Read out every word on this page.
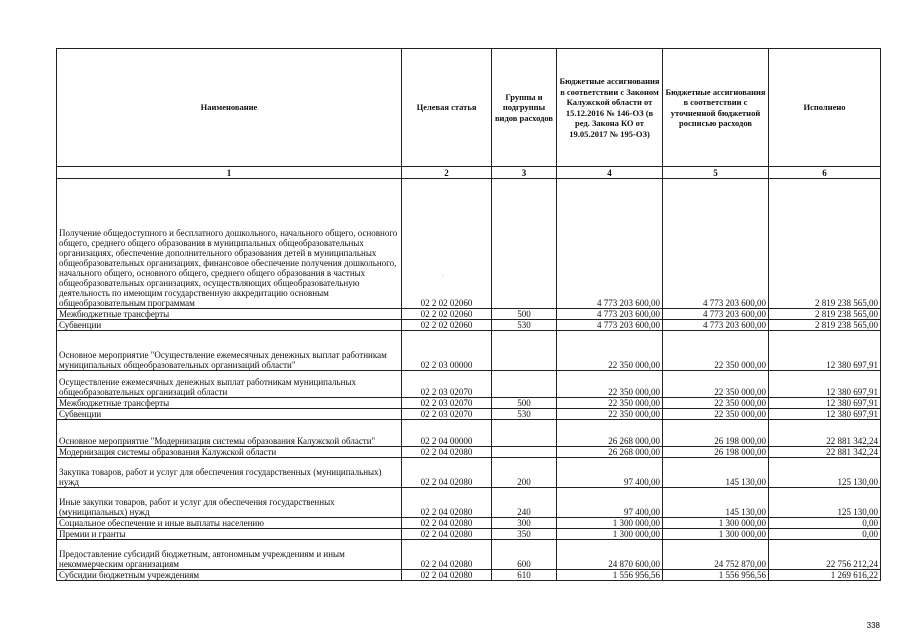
Наименование	Целевая статья	Группы и подгруппы видов расходов	Бюджетные ассигнования в соответствии с Законом Калужской области от 15.12.2016 № 146-ОЗ (в ред. Закона КО от 19.05.2017 № 195-ОЗ)	Бюджетные ассигнования в соответствии с уточненной бюджетной росписью расходов	Исполнено
1	2	3	4	5	6
Получение общедоступного и бесплатного дошкольного, начального общего, основного общего, среднего общего образования в муниципальных общеобразовательных организациях, обеспечение дополнительного образования детей в муниципальных общеобразовательных организациях, финансовое обеспечение получения дошкольного, начального общего, основного общего, среднего общего образования в частных общеобразовательных организациях, осуществляющих общеобразовательную деятельность по имеющим государственную аккредитацию основным общеобразовательным программам	02 2 02 02060		4 773 203 600,00	4 773 203 600,00	2 819 238 565,00
Межбюджетные трансферты	02 2 02 02060	500	4 773 203 600,00	4 773 203 600,00	2 819 238 565,00
Субвенции	02 2 02 02060	530	4 773 203 600,00	4 773 203 600,00	2 819 238 565,00
Основное мероприятие "Осуществление ежемесячных денежных выплат работникам муниципальных общеобразовательных организаций области"	02 2 03 00000		22 350 000,00	22 350 000,00	12 380 697,91
Осуществление ежемесячных денежных выплат работникам муниципальных общеобразовательных организаций области	02 2 03 02070		22 350 000,00	22 350 000,00	12 380 697,91
Межбюджетные трансферты	02 2 03 02070	500	22 350 000,00	22 350 000,00	12 380 697,91
Субвенции	02 2 03 02070	530	22 350 000,00	22 350 000,00	12 380 697,91
Основное мероприятие "Модернизация системы образования Калужской области"	02 2 04 00000		26 268 000,00	26 198 000,00	22 881 342,24
Модернизация системы образования Калужской области	02 2 04 02080		26 268 000,00	26 198 000,00	22 881 342,24
Закупка товаров, работ и услуг для обеспечения государственных (муниципальных) нужд	02 2 04 02080	200	97 400,00	145 130,00	125 130,00
Иные закупки товаров, работ и услуг для обеспечения государственных (муниципальных) нужд	02 2 04 02080	240	97 400,00	145 130,00	125 130,00
Социальное обеспечение и иные выплаты населению	02 2 04 02080	300	1 300 000,00	1 300 000,00	0,00
Премии и гранты	02 2 04 02080	350	1 300 000,00	1 300 000,00	0,00
Предоставление субсидий бюджетным, автономным учреждениям и иным некоммерческим организациям	02 2 04 02080	600	24 870 600,00	24 752 870,00	22 756 212,24
Субсидии бюджетным учреждениям	02 2 04 02080	610	1 556 956,56	1 556 956,56	1 269 616,22
·
338
